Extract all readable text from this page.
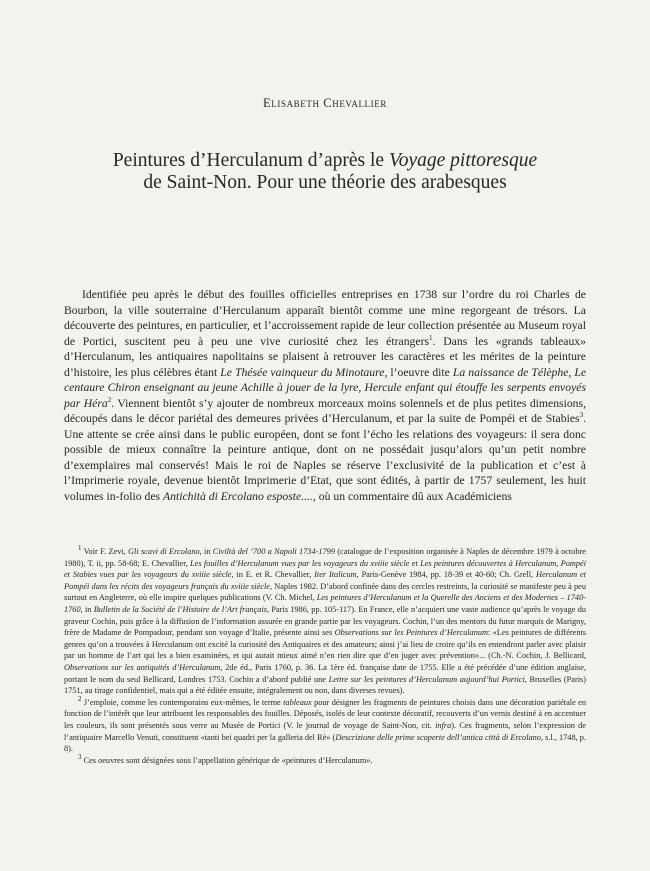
Elisabeth Chevallier
Peintures d’Herculanum d’après le Voyage pittoresque
de Saint-Non. Pour une théorie des arabesques

Identifiée peu après le début des fouilles officielles entreprises en 1738 sur l’ordre du roi Charles de Bourbon, la ville souterraine d’Herculanum apparaît bientôt comme une mine regorgeant de trésors. La découverte des peintures, en particulier, et l’accroissement rapide de leur collection présentée au Museum royal de Portici, suscitent peu à peu une vive curiosité chez les étrangers$^1$. Dans les «grands tableaux» d’Herculanum, les antiquaires napolitains se plaisent à retrouver les caractères et les mérites de la peinture d’histoire, les plus célèbres étant Le Thésée vainqueur du Minotaure, l’oeuvre dite La naissance de Télèphe, Le centaure Chiron enseignant au jeune Achille à jouer de la lyre, Hercule enfant qui étouffe les serpents envoyés par Héra$^2$. Viennent bientôt s’y ajouter de nombreux morceaux moins solennels et de plus petites dimensions, découpés dans le décor pariétal des demeures privées d’Herculanum, et par la suite de Pompéi et de Stabies$^3$. Une attente se crée ainsi dans le public européen, dont se font l’écho les relations des voyageurs: il sera donc possible de mieux connaître la peinture antique, dont on ne possédait jusqu’alors qu’un petit nombre d’exemplaires mal conservés! Mais le roi de Naples se réserve l’exclusivité de la publication et c’est à l’Imprimerie royale, devenue bientôt Imprimerie d’Etat, que sont édités, à partir de 1757 seulement, les huit volumes in-folio des Antichità di Ercolano esposte...., où un commentaire dû aux Académiciens

$^1$ Voir F. Zevi, Gli scavi di Ercolano, in Civiltà del ’700 a Napoli 1734-1799 (catalogue de l’exposition organisée à Naples de décembre 1979 à octobre 1980), T. ii, pp. 58-68; E. Chevallier, Les fouilles d’Herculanum vues par les voyageurs du xviiie siècle et Les peintures découvertes à Herculanum, Pompéi et Stabies vues par les voyageurs du xviiie siècle, in E. et R. Chevallier, Iter Italicum, Paris-Genève 1984, pp. 18-39 et 40-60; Ch. Grell, Herculanum et Pompéi dans les récits des voyageurs français du xviiie siècle, Naples 1982. D’abord confinée dans des cercles restreints, la curiosité se manifeste peu à peu surtout en Angleterre, où elle inspire quelques publications (V. Ch. Michel, Les peintures d’Herculanum et la Querelle des Anciens et des Modernes – 1740-1760, in Bulletin de la Société de l’Histoire de l’Art français, Paris 1986, pp. 105-117). En France, elle n’acquiert une vaste audience qu’après le voyage du graveur Cochin, puis grâce à la diffusion de l’information assurée en grande partie par les voyageurs. Cochin, l’un des mentors du futur marquis de Marigny, frère de Madame de Pompadour, pendant son voyage d’Italie, présente ainsi ses Observations sur les Peintures d’Herculanum: «Les peintures de différents genres qu’on a trouvées à Herculanum ont excité la curiosité des Antiquaires et des amateurs; ainsi j’ai lieu de croire qu’ils en entendront parler avec plaisir par un homme de l’art qui les a bien examinées, et qui aurait mieux aimé n’en rien dire que d’en juger avec prévention»... (Ch.-N. Cochin, J. Bellicard, Observations sur les antiquités d’Herculanum, 2de éd., Paris 1760, p. 36. La 1ère éd. française date de 1755. Elle a été précédée d’une édition anglaise, portant le nom du seul Bellicard, Londres 1753. Cochin a d’abord publié une Lettre sur les peintures d’Herculanum aujourd’hui Portici, Bruxelles (Paris) 1751, au tirage confidentiel, mais qui a été éditée ensuite, intégralement ou non, dans diverses revues).

$^2$ J’emploie, comme les contemporains eux-mêmes, le terme tableaux pour désigner les fragments de peintures choisis dans une décoration pariétale en fonction de l’intérêt que leur attribuent les responsables des fouilles. Déposés, isolés de leur contexte décoratif, recouverts d’un vernis destiné à en accentuer les couleurs, ils sont présentés sous verre au Musée de Portici (V. le journal de voyage de Saint-Non, cit. infra). Ces fragments, selon l’expression de l’antiquaire Marcello Venuti, constituent «tanti bei quadri per la galleria del Rè» (Descrizione delle prime scoperte dell’antica città di Ercolano, s.l., 1748, p. 8).

$^3$ Ces oeuvres sont désignées sous l’appellation générique de «peintures d’Herculanum».
